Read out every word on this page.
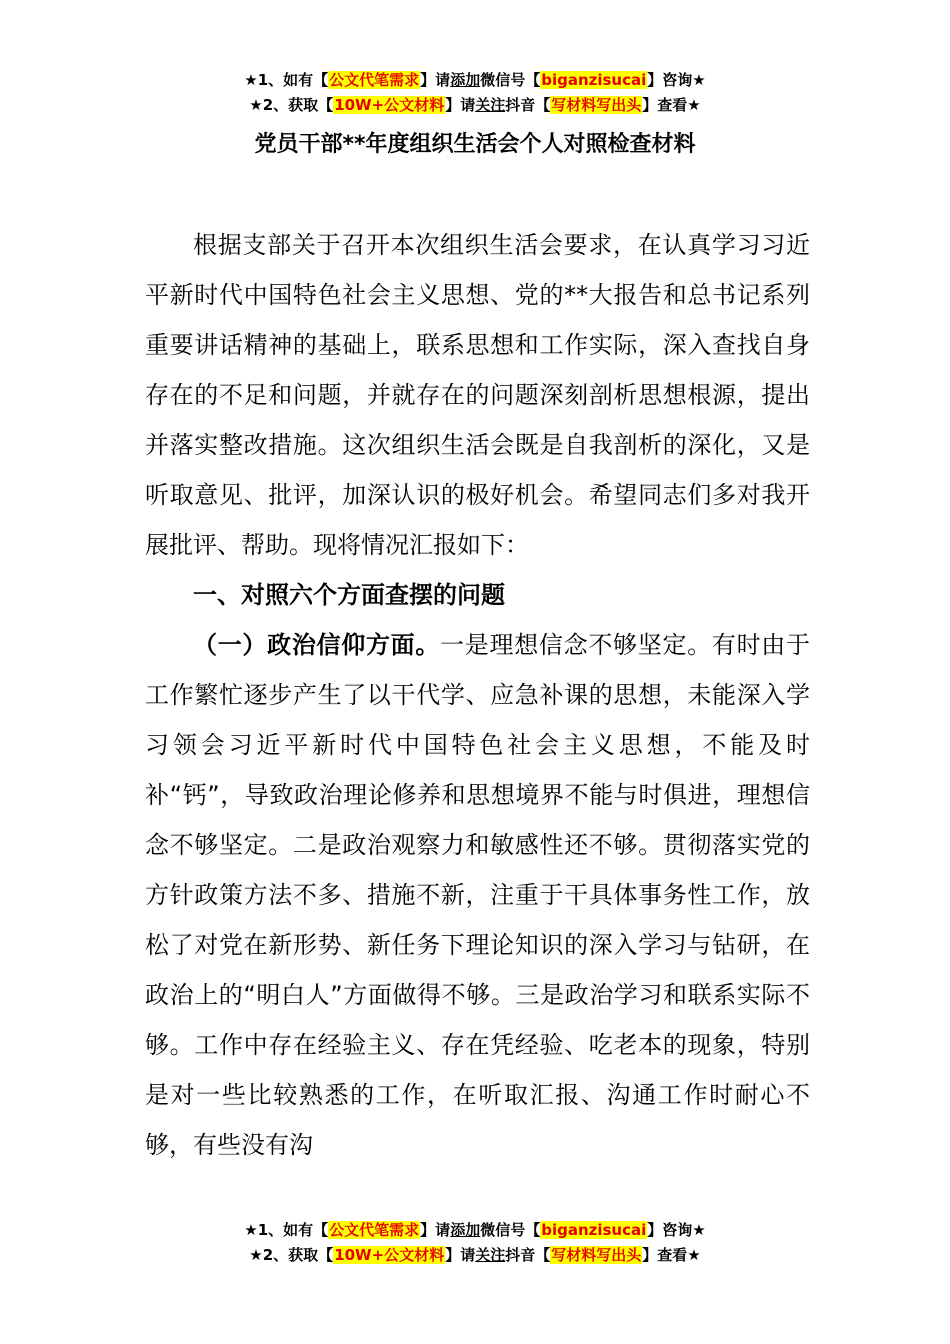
★1、如有【公文代笔需求】请添加微信号【biganzisucai】咨询★
★2、获取【10W+公文材料】请关注抖音【写材料写出头】查看★
党员干部**年度组织生活会个人对照检查材料

根据支部关于召开本次组织生活会要求，在认真学习习近平新时代中国特色社会主义思想、党的**大报告和总书记系列重要讲话精神的基础上，联系思想和工作实际，深入查找自身存在的不足和问题，并就存在的问题深刻剖析思想根源，提出并落实整改措施。这次组织生活会既是自我剖析的深化，又是听取意见、批评，加深认识的极好机会。希望同志们多对我开展批评、帮助。现将情况汇报如下：

一、对照六个方面查摆的问题

（一）政治信仰方面。一是理想信念不够坚定。有时由于工作繁忙逐步产生了以干代学、应急补课的思想，未能深入学习领会习近平新时代中国特色社会主义思想，不能及时补“钙”，导致政治理论修养和思想境界不能与时俱进，理想信念不够坚定。二是政治观察力和敏感性还不够。贯彻落实党的方针政策方法不多、措施不新，注重于干具体事务性工作，放松了对党在新形势、新任务下理论知识的深入学习与钻研，在政治上的“明白人”方面做得不够。三是政治学习和联系实际不够。工作中存在经验主义、存在凭经验、吃老本的现象，特别是对一些比较熟悉的工作，在听取汇报、沟通工作时耐心不够，有些没有沟

★1、如有【公文代笔需求】请添加微信号【biganzisucai】咨询★
★2、获取【10W+公文材料】请关注抖音【写材料写出头】查看★
